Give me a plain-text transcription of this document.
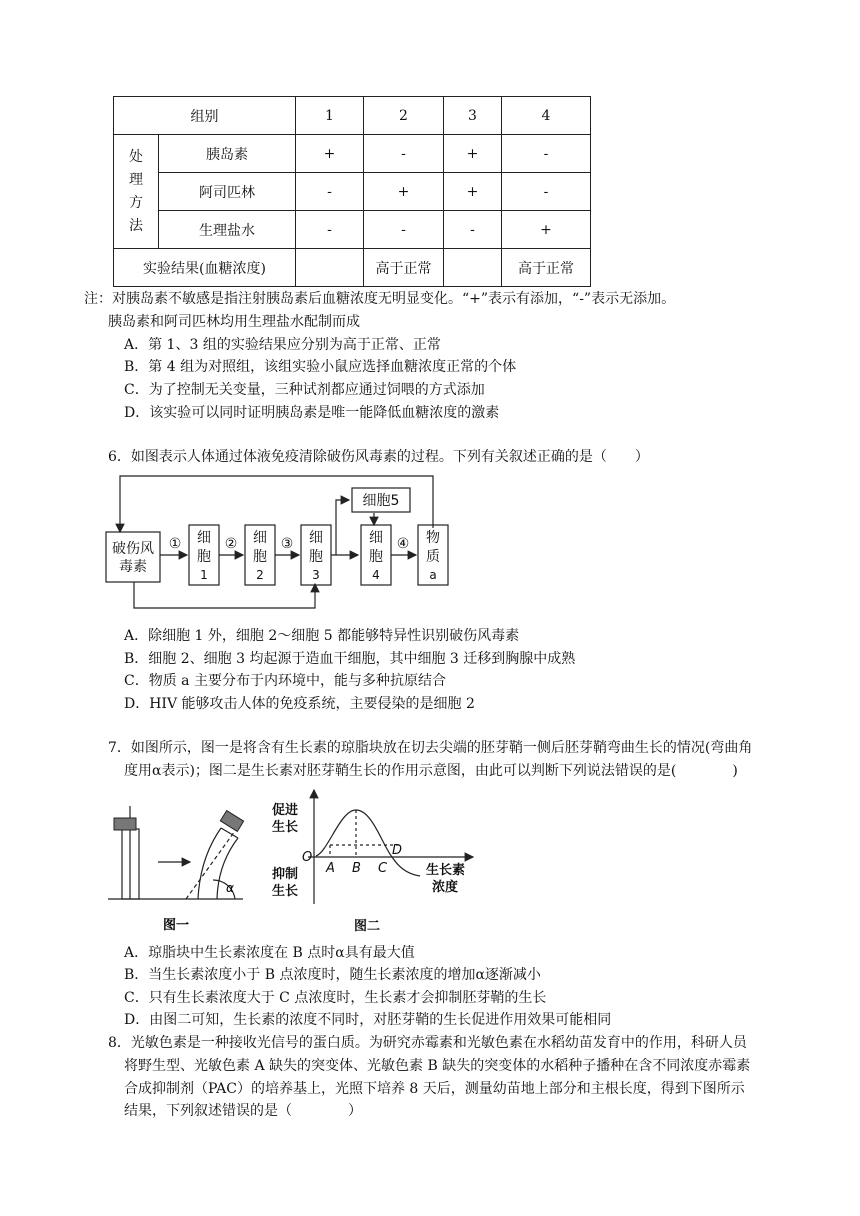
组别		1	2	3	4

处
理
方
法	胰岛素	+	-	+	-
	阿司匹林	-	+	+	-
	生理盐水	-	-	-	+
实验结果(血糖浓度)			高于正常		高于正常
注：对胰岛素不敏感是指注射胰岛素后血糖浓度无明显变化。“+”表示有添加，“-”表示无添加。
胰岛素和阿司匹林均用生理盐水配制而成
A．第 1、3 组的实验结果应分别为高于正常、正常
B．第 4 组为对照组，该组实验小鼠应选择血糖浓度正常的个体
C．为了控制无关变量，三种试剂都应通过饲喂的方式添加
D．该实验可以同时证明胰岛素是唯一能降低血糖浓度的激素
6．如图表示人体通过体液免疫清除破伤风毒素的过程。下列有关叙述正确的是（　　）
破伤风
毒素
细
胞
1
细
胞
2
细
胞
3
细
胞
4
细胞5
物
质
a
①	②	③	④
A．除细胞 1 外，细胞 2～细胞 5 都能够特异性识别破伤风毒素
B．细胞 2、细胞 3 均起源于造血干细胞，其中细胞 3 迁移到胸腺中成熟
C．物质 a 主要分布于内环境中，能与多种抗原结合
D．HIV 能够攻击人体的免疫系统，主要侵染的是细胞 2
7．如图所示，图一是将含有生长素的琼脂块放在切去尖端的胚芽鞘一侧后胚芽鞘弯曲生长的情况(弯曲角
度用α表示)；图二是生长素对胚芽鞘生长的作用示意图，由此可以判断下列说法错误的是(　　　　)
α
图一
促进
生长
抑制
生长
生长素
浓度
图二
O
A B C
D
A．琼脂块中生长素浓度在 B 点时α具有最大值
B．当生长素浓度小于 B 点浓度时，随生长素浓度的增加α逐渐减小
C．只有生长素浓度大于 C 点浓度时，生长素才会抑制胚芽鞘的生长
D．由图二可知，生长素的浓度不同时，对胚芽鞘的生长促进作用效果可能相同
8．光敏色素是一种接收光信号的蛋白质。为研究赤霉素和光敏色素在水稻幼苗发育中的作用，科研人员
将野生型、光敏色素 A 缺失的突变体、光敏色素 B 缺失的突变体的水稻种子播种在含不同浓度赤霉素
合成抑制剂（PAC）的培养基上，光照下培养 8 天后，测量幼苗地上部分和主根长度，得到下图所示
结果，下列叙述错误的是（　　　　）
